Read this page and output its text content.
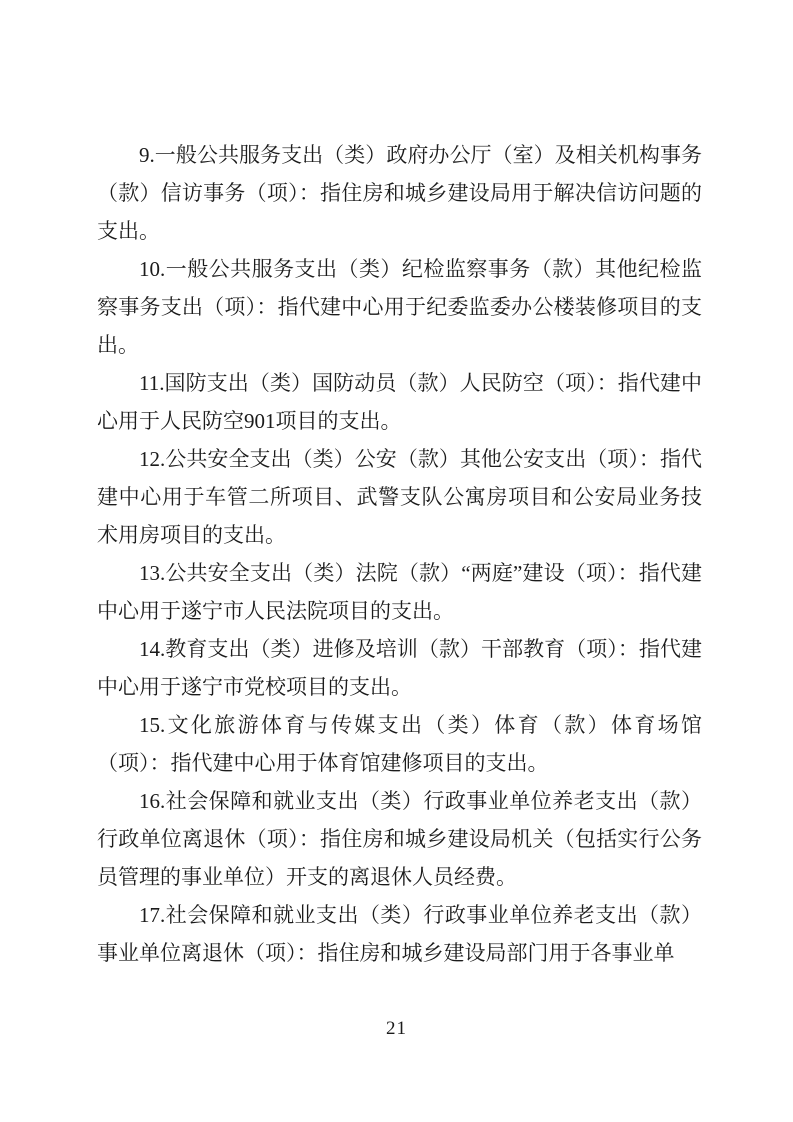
9.一般公共服务支出（类）政府办公厅（室）及相关机构事务（款）信访事务（项）：指住房和城乡建设局用于解决信访问题的支出。

10.一般公共服务支出（类）纪检监察事务（款）其他纪检监察事务支出（项）：指代建中心用于纪委监委办公楼装修项目的支出。

11.国防支出（类）国防动员（款）人民防空（项）：指代建中心用于人民防空901项目的支出。

12.公共安全支出（类）公安（款）其他公安支出（项）：指代建中心用于车管二所项目、武警支队公寓房项目和公安局业务技术用房项目的支出。

13.公共安全支出（类）法院（款）“两庭”建设（项）：指代建中心用于遂宁市人民法院项目的支出。

14.教育支出（类）进修及培训（款）干部教育（项）：指代建中心用于遂宁市党校项目的支出。

15.文化旅游体育与传媒支出（类）体育（款）体育场馆（项）：指代建中心用于体育馆建修项目的支出。

16.社会保障和就业支出（类）行政事业单位养老支出（款）行政单位离退休（项）：指住房和城乡建设局机关（包括实行公务员管理的事业单位）开支的离退休人员经费。

17.社会保障和就业支出（类）行政事业单位养老支出（款）事业单位离退休（项）：指住房和城乡建设局部门用于各事业单

21
